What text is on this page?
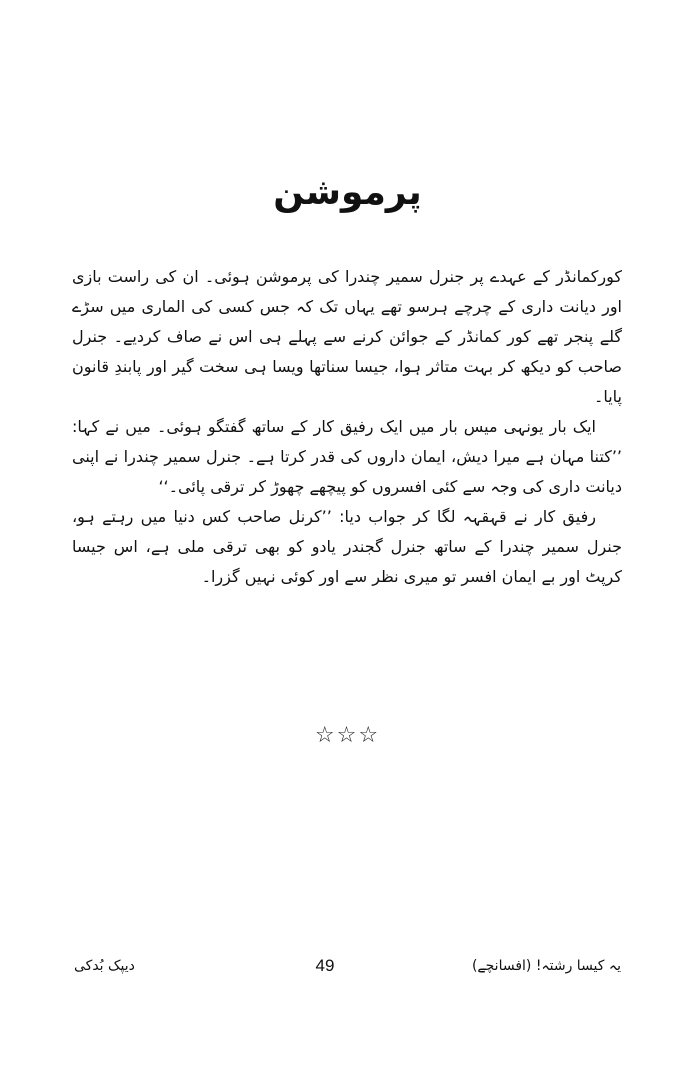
پرموشن

کورکمانڈر کے عہدے پر جنرل سمیر چندرا کی پرموشن ہوئی۔ ان کی راست بازی اور دیانت داری کے چرچے ہرسو تھے یہاں تک کہ جس کسی کی الماری میں سڑے گلے پنجر تھے کور کمانڈر کے جوائن کرنے سے پہلے ہی اس نے صاف کردیے۔ جنرل صاحب کو دیکھ کر بہت متاثر ہوا، جیسا سناتھا ویسا ہی سخت گیر اور پابندِ قانون پایا۔

ایک بار یونہی میس بار میں ایک رفیق کار کے ساتھ گفتگو ہوئی۔ میں نے کہا: ’’کتنا مہان ہے میرا دیش، ایمان داروں کی قدر کرتا ہے۔ جنرل سمیر چندرا نے اپنی دیانت داری کی وجہ سے کئی افسروں کو پیچھے چھوڑ کر ترقی پائی۔‘‘

رفیق کار نے قہقہہ لگا کر جواب دیا: ’’کرنل صاحب کس دنیا میں رہتے ہو، جنرل سمیر چندرا کے ساتھ جنرل گجندر یادو کو بھی ترقی ملی ہے، اس جیسا کرپٹ اور بے ایمان افسر تو میری نظر سے اور کوئی نہیں گزرا۔

☆☆☆
دیپک بُدکی	49	یہ کیسا رشتہ! (افسانچے)
